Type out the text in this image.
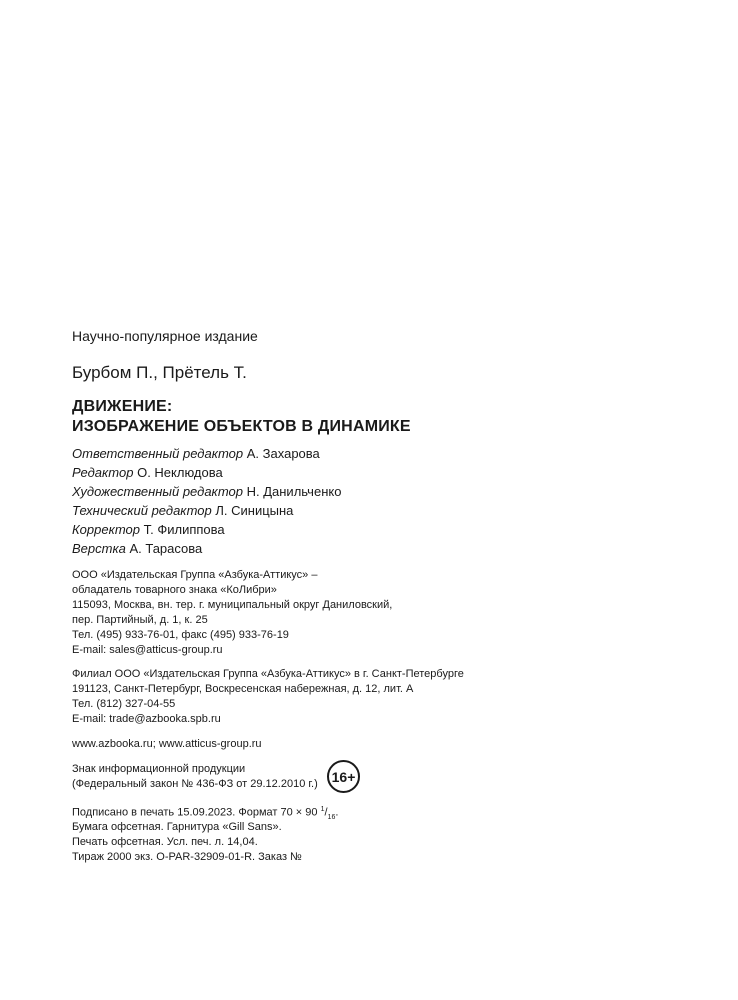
Научно-популярное издание
Бурбом П., Прётель Т.
ДВИЖЕНИЕ:
ИЗОБРАЖЕНИЕ ОБЪЕКТОВ В ДИНАМИКЕ
Ответственный редактор А. Захарова
Редактор О. Неклюдова
Художественный редактор Н. Данильченко
Технический редактор Л. Синицына
Корректор Т. Филиппова
Верстка А. Тарасова
ООО «Издательская Группа «Азбука-Аттикус» –
обладатель товарного знака «КоЛибри»
115093, Москва, вн. тер. г. муниципальный округ Даниловский,
пер. Партийный, д. 1, к. 25
Тел. (495) 933-76-01, факс (495) 933-76-19
E-mail: sales@atticus-group.ru
Филиал ООО «Издательская Группа «Азбука-Аттикус» в г. Санкт-Петербурге
191123, Санкт-Петербург, Воскресенская набережная, д. 12, лит. А
Тел. (812) 327-04-55
E-mail: trade@azbooka.spb.ru
www.azbooka.ru; www.atticus-group.ru
Знак информационной продукции
(Федеральный закон № 436-ФЗ от 29.12.2010 г.) 16+
Подписано в печать 15.09.2023. Формат 70 × 90 $^1/_{16}$.
Бумага офсетная. Гарнитура «Gill Sans».
Печать офсетная. Усл. печ. л. 14,04.
Тираж 2000 экз. O-PAR-32909-01-R. Заказ №
